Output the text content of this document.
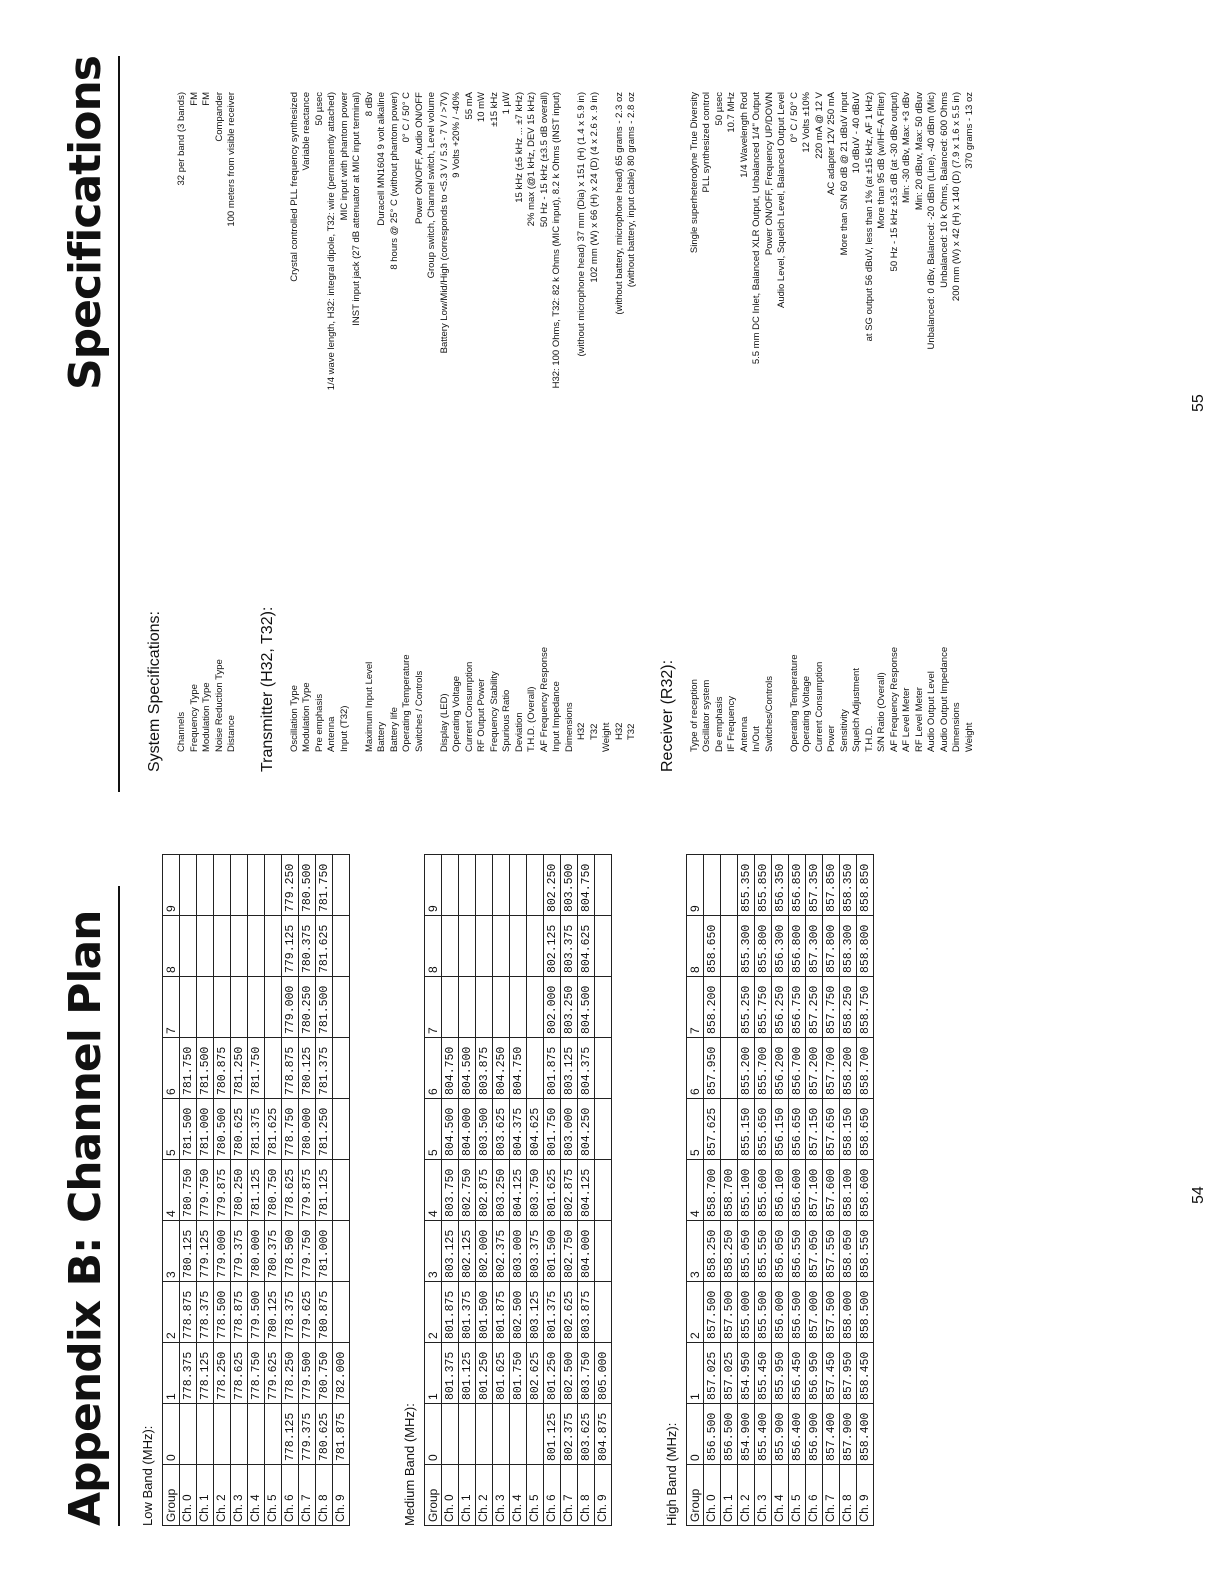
Appendix B: Channel Plan Low Band (MHz): Group	0	1	2	3	4	5	6	7	8	9
Ch. 0		778.375	778.875	780.125	780.750	781.500	781.750			
Ch. 1		778.125	778.375	779.125	779.750	781.000	781.500			
Ch. 2		778.250	778.500	779.000	779.875	780.500	780.875			
Ch. 3		778.625	778.875	779.375	780.250	780.625	781.250			
Ch. 4		778.750	779.500	780.000	781.125	781.375	781.750			
Ch. 5		779.625	780.125	780.375	780.750	781.625				
Ch. 6	778.125	778.250	778.375	778.500	778.625	778.750	778.875	779.000	779.125	779.250
Ch. 7	779.375	779.500	779.625	779.750	779.875	780.000	780.125	780.250	780.375	780.500
Ch. 8	780.625	780.750	780.875	781.000	781.125	781.250	781.375	781.500	781.625	781.750
Ch. 9	781.875	782.000								
Medium Band (MHz): Group	0	1	2	3	4	5	6	7	8	9
Ch. 0		801.375	801.875	803.125	803.750	804.500	804.750			
Ch. 1		801.125	801.375	802.125	802.750	804.000	804.500			
Ch. 2		801.250	801.500	802.000	802.875	803.500	803.875			
Ch. 3		801.625	801.875	802.375	803.250	803.625	804.250			
Ch. 4		801.750	802.500	803.000	804.125	804.375	804.750			
Ch. 5		802.625	803.125	803.375	803.750	804.625				
Ch. 6	801.125	801.250	801.375	801.500	801.625	801.750	801.875	802.000	802.125	802.250
Ch. 7	802.375	802.500	802.625	802.750	802.875	803.000	803.125	803.250	803.375	803.500
Ch. 8	803.625	803.750	803.875	804.000	804.125	804.250	804.375	804.500	804.625	804.750
Ch. 9	804.875	805.000								
High Band (MHz): Group	0	1	2	3	4	5	6	7	8	9
Ch. 0	856.500	857.025	857.500	858.250	858.700	857.625	857.950	858.200	858.650	
Ch. 1	856.500	857.025	857.500	858.250	858.700					
Ch. 2	854.900	854.950	855.000	855.050	855.100	855.150	855.200	855.250	855.300	855.350
Ch. 3	855.400	855.450	855.500	855.550	855.600	855.650	855.700	855.750	855.800	855.850
Ch. 4	855.900	855.950	856.000	856.050	856.100	856.150	856.200	856.250	856.300	856.350
Ch. 5	856.400	856.450	856.500	856.550	856.600	856.650	856.700	856.750	856.800	856.850
Ch. 6	856.900	856.950	857.000	857.050	857.100	857.150	857.200	857.250	857.300	857.350
Ch. 7	857.400	857.450	857.500	857.550	857.600	857.650	857.700	857.750	857.800	857.850
Ch. 8	857.900	857.950	858.000	858.050	858.100	858.150	858.200	858.250	858.300	858.350
Ch. 9	858.400	858.450	858.500	858.550	858.600	858.650	858.700	858.750	858.800	858.850
54
Specifications
System Specifications: Channels
32 per band (3 bands)
Frequency Type
FM
Modulation Type
FM
Noise Reduction Type
Compander
Distance
100 meters from visible receiver
Transmitter (H32, T32): Oscillation Type
Crystal controlled PLL frequency synthesized
Modulation Type
Variable reactance
Pre emphasis
50 µsec
Antenna
1/4 wave length, H32: integral dipole, T32: wire (permanently attached)
Input (T32)
MIC input with phantom power INST input jack (27 dB attenuator at MIC input terminal)
Maximum Input Level
8 dBv
Battery
Duracell MN1604 9 volt alkaline
Battery life
8 hours @ 25° C (without phantom power)
Operating Temperature
0° C / 50° C
Switches / Controls
Power ON/OFF, Audio ON/OFF Group switch, Channel switch, Level volume
Display (LED)
Battery Low/Mid/High (corresponds to <5.3 V / 5.3 - 7 V / >7V)
Operating Voltage
9 Volts +20% / -40%
Current Consumption
55 mA
RF Output Power
10 mW
Frequency Stability
±15 kHz
Spurious Ratio
1 µW
Deviation
15 kHz (±5 kHz ... ±7 kHz)
T.H.D. (Overall)
2% max (@1 kHz, DEV 15 kHz)
AF Frequency Response
50 Hz - 15 kHz (±3.5 dB overall)
Input Impedance
H32: 100 Ohms, T32: 82 k Ohms (MIC input), 8.2 k Ohms (INST input)
Dimensions H32
(without microphone head) 37 mm (Dia) x 151 (H) (1.4 x 5.9 in)
T32
102 mm (W) x 66 (H) x 24 (D) (4 x 2.6 x .9 in)
Weight H32
(without battery, microphone head) 65 grams - 2.3 oz
T32
(without battery, input cable) 80 grams - 2.8 oz
Receiver (R32): Type of reception
Single superheterodyne True Diversity
Oscillator system
PLL synthesized control
De emphasis
50 µsec
IF Frequency
10.7 MHz
Antenna
1/4 Wavelength Rod
In/Out
5.5 mm DC Inlet, Balanced XLR Output, Unbalanced 1/4" Output
Switches/Controls
Power ON/OFF, Frequency UP/DOWN Audio Level, Squelch Level, Balanced Output Level
Operating Temperature
0° C / 50° C
Operating Voltage
12 Volts ±10%
Current Consumption
220 mA @ 12 V
Power
AC adapter 12V 250 mA
Sensitivity
More than S/N 60 dB @ 21 dBuV input
Squelch Adjustment
10 dBuV - 40 dBuV
T.H.D.
at SG output 56 dBuV, less than 1% (at ±15 kHz, AF 1 kHz)
S/N Ratio (Overall)
More than 95 dB (w/IHF-A Filter)
AF Frequency Response
50 Hz - 15 kHz ±3.5 dB (at -30 dBv output)
AF Level Meter
Min: -30 dBv, Max: +3 dBv
RF Level Meter
Min: 20 dBuv, Max: 50 dBuv
Audio Output Level
Unbalanced: 0 dBv, Balanced: -20 dBm (Line), -40 dBm (Mic)
Audio Output Impedance
Unbalanced: 10 k Ohms, Balanced: 600 Ohms
Dimensions
200 mm (W) x 42 (H) x 140 (D) (7.9 x 1.6 x 5.5 in)
Weight
370 grams - 13 oz
55
